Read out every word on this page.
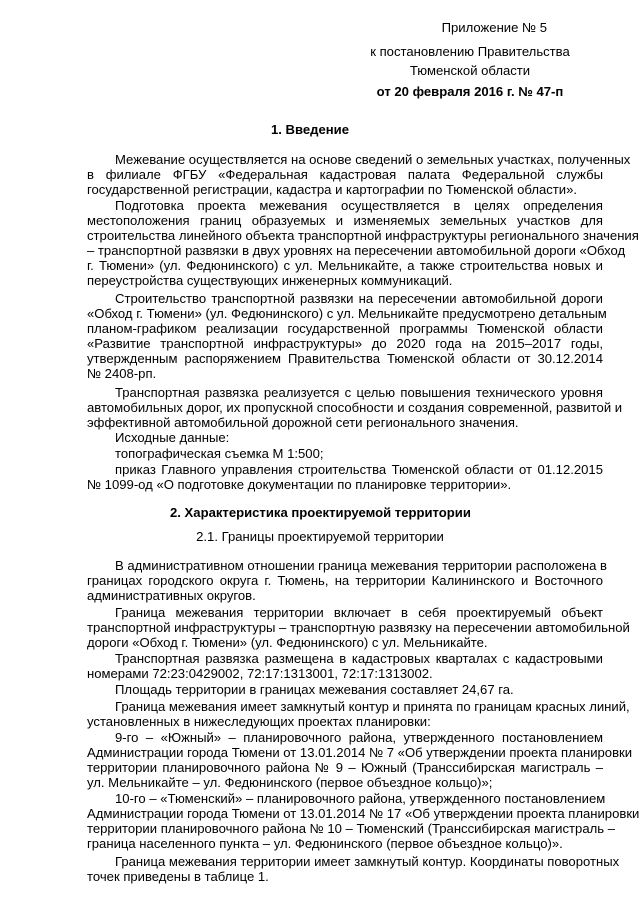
Приложение № 5
к постановлению Правительства
Тюменской области
от 20 февраля 2016 г. № 47-п
1. Введение
Межевание осуществляется на основе сведений о земельных участках, полученных
в филиале ФГБУ «Федеральная кадастровая палата Федеральной службы
государственной регистрации, кадастра и картографии по Тюменской области».
Подготовка проекта межевания осуществляется в целях определения
местоположения границ образуемых и изменяемых земельных участков для
строительства линейного объекта транспортной инфраструктуры регионального значения
– транспортной развязки в двух уровнях на пересечении автомобильной дороги «Обход
г. Тюмени» (ул. Федюнинского) с ул. Мельникайте, а также строительства новых и
переустройства существующих инженерных коммуникаций.
Строительство транспортной развязки на пересечении автомобильной дороги
«Обход г. Тюмени» (ул. Федюнинского) с ул. Мельникайте предусмотрено детальным
планом-графиком реализации государственной программы Тюменской области
«Развитие транспортной инфраструктуры» до 2020 года на 2015–2017 годы,
утвержденным распоряжением Правительства Тюменской области от 30.12.2014
№ 2408-рп.
Транспортная развязка реализуется с целью повышения технического уровня
автомобильных дорог, их пропускной способности и создания современной, развитой и
эффективной автомобильной дорожной сети регионального значения.
Исходные данные:
топографическая съемка М 1:500;
приказ Главного управления строительства Тюменской области от 01.12.2015
№ 1099-од «О подготовке документации по планировке территории».
2. Характеристика проектируемой территории
2.1. Границы проектируемой территории
В административном отношении граница межевания территории расположена в
границах городского округа г. Тюмень, на территории Калининского и Восточного
административных округов.
Граница межевания территории включает в себя проектируемый объект
транспортной инфраструктуры – транспортную развязку на пересечении автомобильной
дороги «Обход г. Тюмени» (ул. Федюнинского) с ул. Мельникайте.
Транспортная развязка размещена в кадастровых кварталах с кадастровыми
номерами 72:23:0429002, 72:17:1313001, 72:17:1313002.
Площадь территории в границах межевания составляет 24,67 га.
Граница межевания имеет замкнутый контур и принята по границам красных линий,
установленных в нижеследующих проектах планировки:
9-го – «Южный» – планировочного района, утвержденного постановлением
Администрации города Тюмени от 13.01.2014 № 7 «Об утверждении проекта планировки
территории планировочного района № 9 – Южный (Транссибирская магистраль –
ул. Мельникайте – ул. Федюнинского (первое объездное кольцо)»;
10-го – «Тюменский» – планировочного района, утвержденного постановлением
Администрации города Тюмени от 13.01.2014 № 17 «Об утверждении проекта планировки
территории планировочного района № 10 – Тюменский (Транссибирская магистраль –
граница населенного пункта – ул. Федюнинского (первое объездное кольцо)».
Граница межевания территории имеет замкнутый контур. Координаты поворотных
точек приведены в таблице 1.
